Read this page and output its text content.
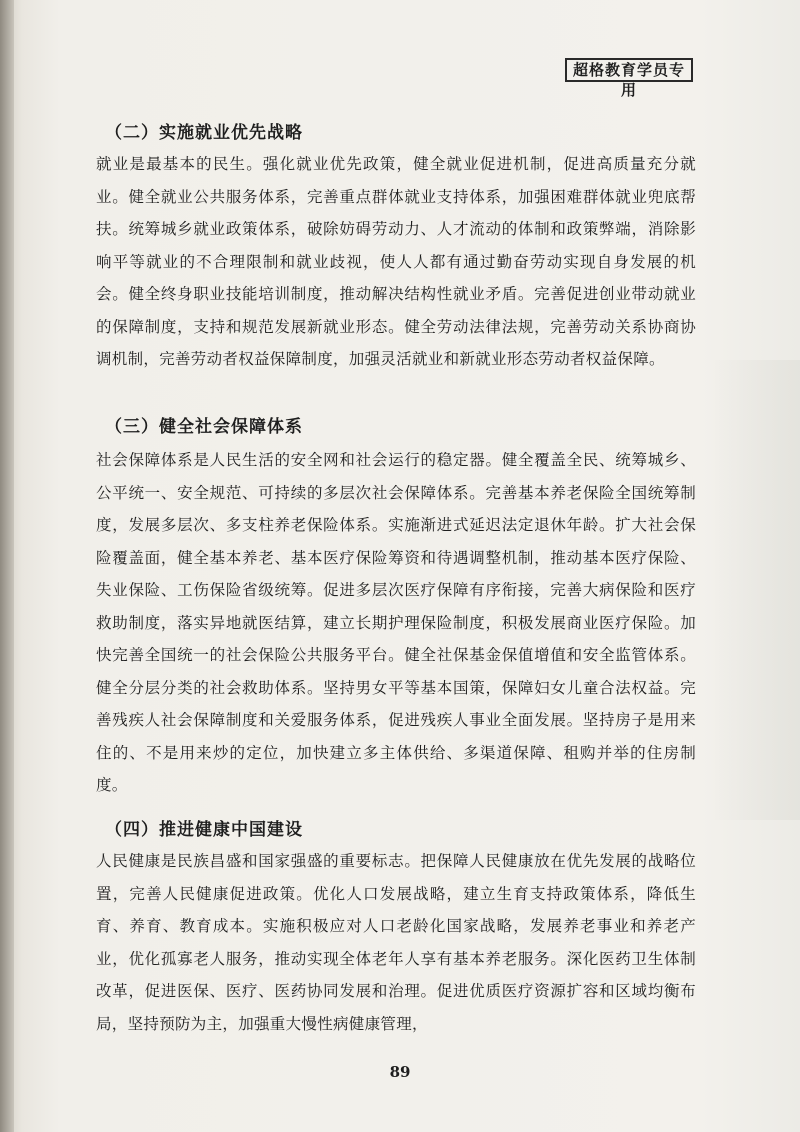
超格教育学员专用
（二）实施就业优先战略
就业是最基本的民生。强化就业优先政策，健全就业促进机制，促进高质量充分就业。健全就业公共服务体系，完善重点群体就业支持体系，加强困难群体就业兜底帮扶。统筹城乡就业政策体系，破除妨碍劳动力、人才流动的体制和政策弊端，消除影响平等就业的不合理限制和就业歧视，使人人都有通过勤奋劳动实现自身发展的机会。健全终身职业技能培训制度，推动解决结构性就业矛盾。完善促进创业带动就业的保障制度，支持和规范发展新就业形态。健全劳动法律法规，完善劳动关系协商协调机制，完善劳动者权益保障制度，加强灵活就业和新就业形态劳动者权益保障。
（三）健全社会保障体系
社会保障体系是人民生活的安全网和社会运行的稳定器。健全覆盖全民、统筹城乡、公平统一、安全规范、可持续的多层次社会保障体系。完善基本养老保险全国统筹制度，发展多层次、多支柱养老保险体系。实施渐进式延迟法定退休年龄。扩大社会保险覆盖面，健全基本养老、基本医疗保险筹资和待遇调整机制，推动基本医疗保险、失业保险、工伤保险省级统筹。促进多层次医疗保障有序衔接，完善大病保险和医疗救助制度，落实异地就医结算，建立长期护理保险制度，积极发展商业医疗保险。加快完善全国统一的社会保险公共服务平台。健全社保基金保值增值和安全监管体系。健全分层分类的社会救助体系。坚持男女平等基本国策，保障妇女儿童合法权益。完善残疾人社会保障制度和关爱服务体系，促进残疾人事业全面发展。坚持房子是用来住的、不是用来炒的定位，加快建立多主体供给、多渠道保障、租购并举的住房制度。
（四）推进健康中国建设
人民健康是民族昌盛和国家强盛的重要标志。把保障人民健康放在优先发展的战略位置，完善人民健康促进政策。优化人口发展战略，建立生育支持政策体系，降低生育、养育、教育成本。实施积极应对人口老龄化国家战略，发展养老事业和养老产业，优化孤寡老人服务，推动实现全体老年人享有基本养老服务。深化医药卫生体制改革，促进医保、医疗、医药协同发展和治理。促进优质医疗资源扩容和区域均衡布局，坚持预防为主，加强重大慢性病健康管理，
89
